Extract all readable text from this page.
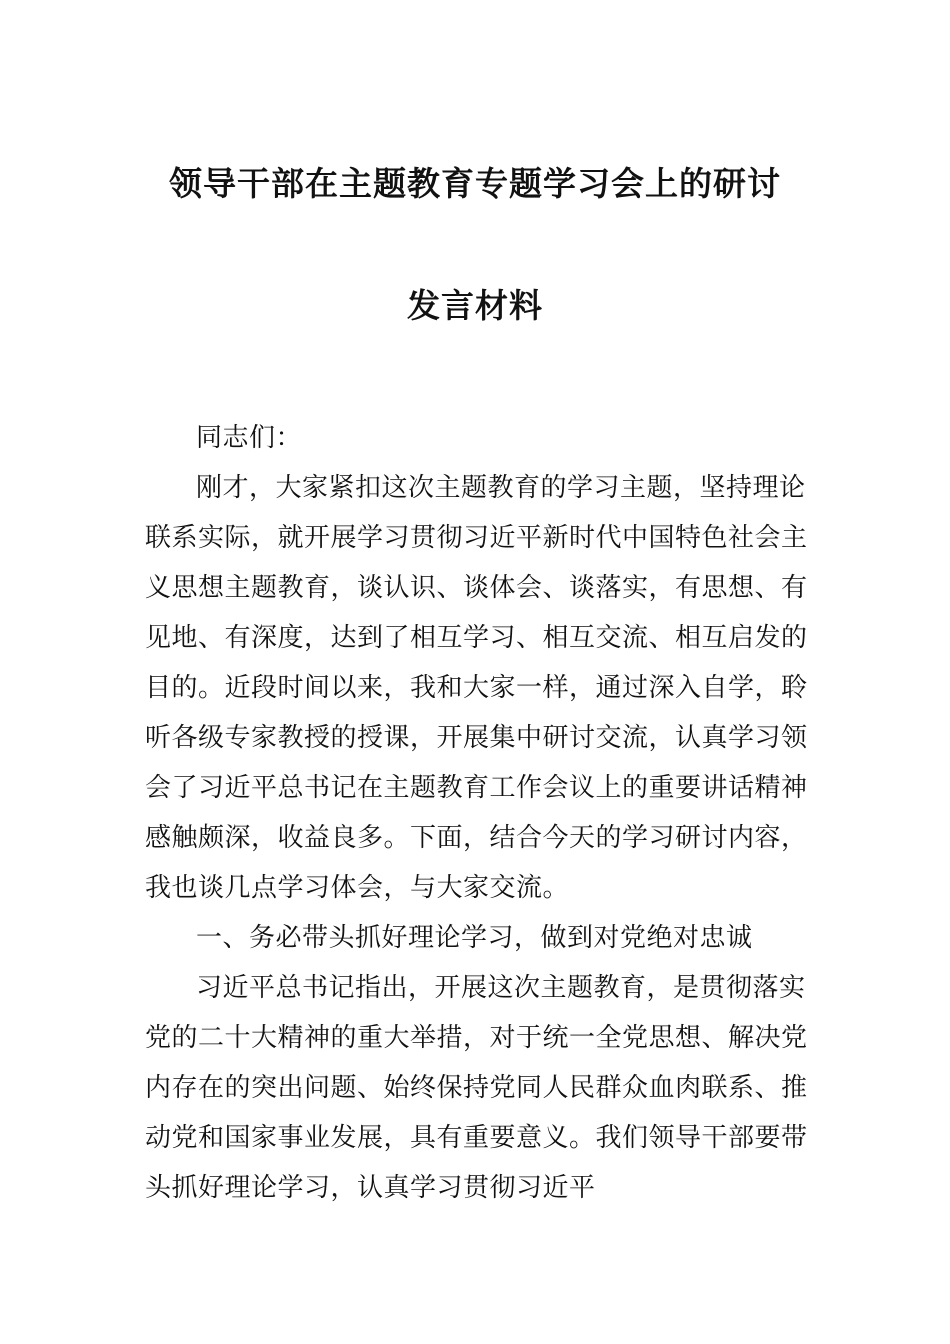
领导干部在主题教育专题学习会上的研讨
发言材料
同志们：
刚才，大家紧扣这次主题教育的学习主题，坚持理论
联系实际，就开展学习贯彻习近平新时代中国特色社会主
义思想主题教育，谈认识、谈体会、谈落实，有思想、有
见地、有深度，达到了相互学习、相互交流、相互启发的
目的。近段时间以来，我和大家一样，通过深入自学，聆
听各级专家教授的授课，开展集中研讨交流，认真学习领
会了习近平总书记在主题教育工作会议上的重要讲话精神
感触颇深，收益良多。下面，结合今天的学习研讨内容，
我也谈几点学习体会，与大家交流。
一、务必带头抓好理论学习，做到对党绝对忠诚
习近平总书记指出，开展这次主题教育，是贯彻落实
党的二十大精神的重大举措，对于统一全党思想、解决党
内存在的突出问题、始终保持党同人民群众血肉联系、推
动党和国家事业发展，具有重要意义。我们领导干部要带
头抓好理论学习，认真学习贯彻习近平
